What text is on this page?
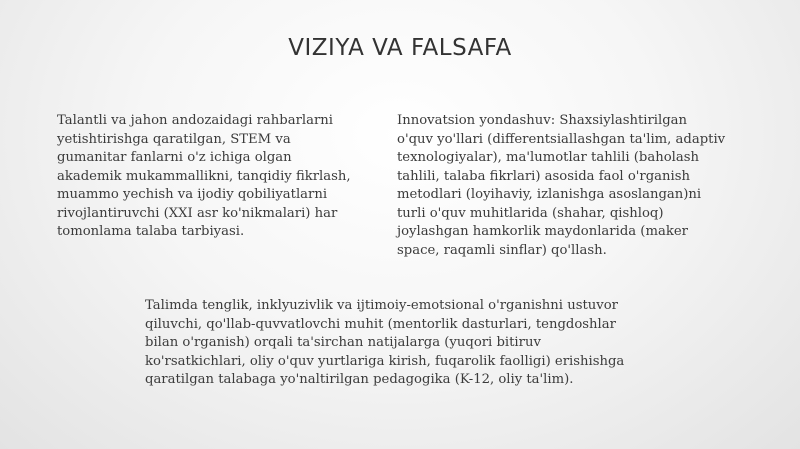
VIZIYA VA FALSAFA

Talantli va jahon andozaidagi rahbarlarni
yetishtirishga qaratilgan, STEM va
gumanitar fanlarni o'z ichiga olgan
akademik mukammallikni, tanqidiy fikrlash,
muammo yechish va ijodiy qobiliyatlarni
rivojlantiruvchi (XXI asr ko'nikmalari) har
tomonlama talaba tarbiyasi.

Innovatsion yondashuv: Shaxsiylashtirilgan
o'quv yo'llari (differentsiallashgan ta'lim, adaptiv
texnologiyalar), ma'lumotlar tahlili (baholash
tahlili, talaba fikrlari) asosida faol o'rganish
metodlari (loyihaviy, izlanishga asoslangan)ni
turli o'quv muhitlarida (shahar, qishloq)
joylashgan hamkorlik maydonlarida (maker
space, raqamli sinflar) qo'llash.

Talimda tenglik, inklyuzivlik va ijtimoiy-emotsional o'rganishni ustuvor
qiluvchi, qo'llab-quvvatlovchi muhit (mentorlik dasturlari, tengdoshlar
bilan o'rganish) orqali ta'sirchan natijalarga (yuqori bitiruv
ko'rsatkichlari, oliy o'quv yurtlariga kirish, fuqarolik faolligi) erishishga
qaratilgan talabaga yo'naltirilgan pedagogika (K-12, oliy ta'lim).
